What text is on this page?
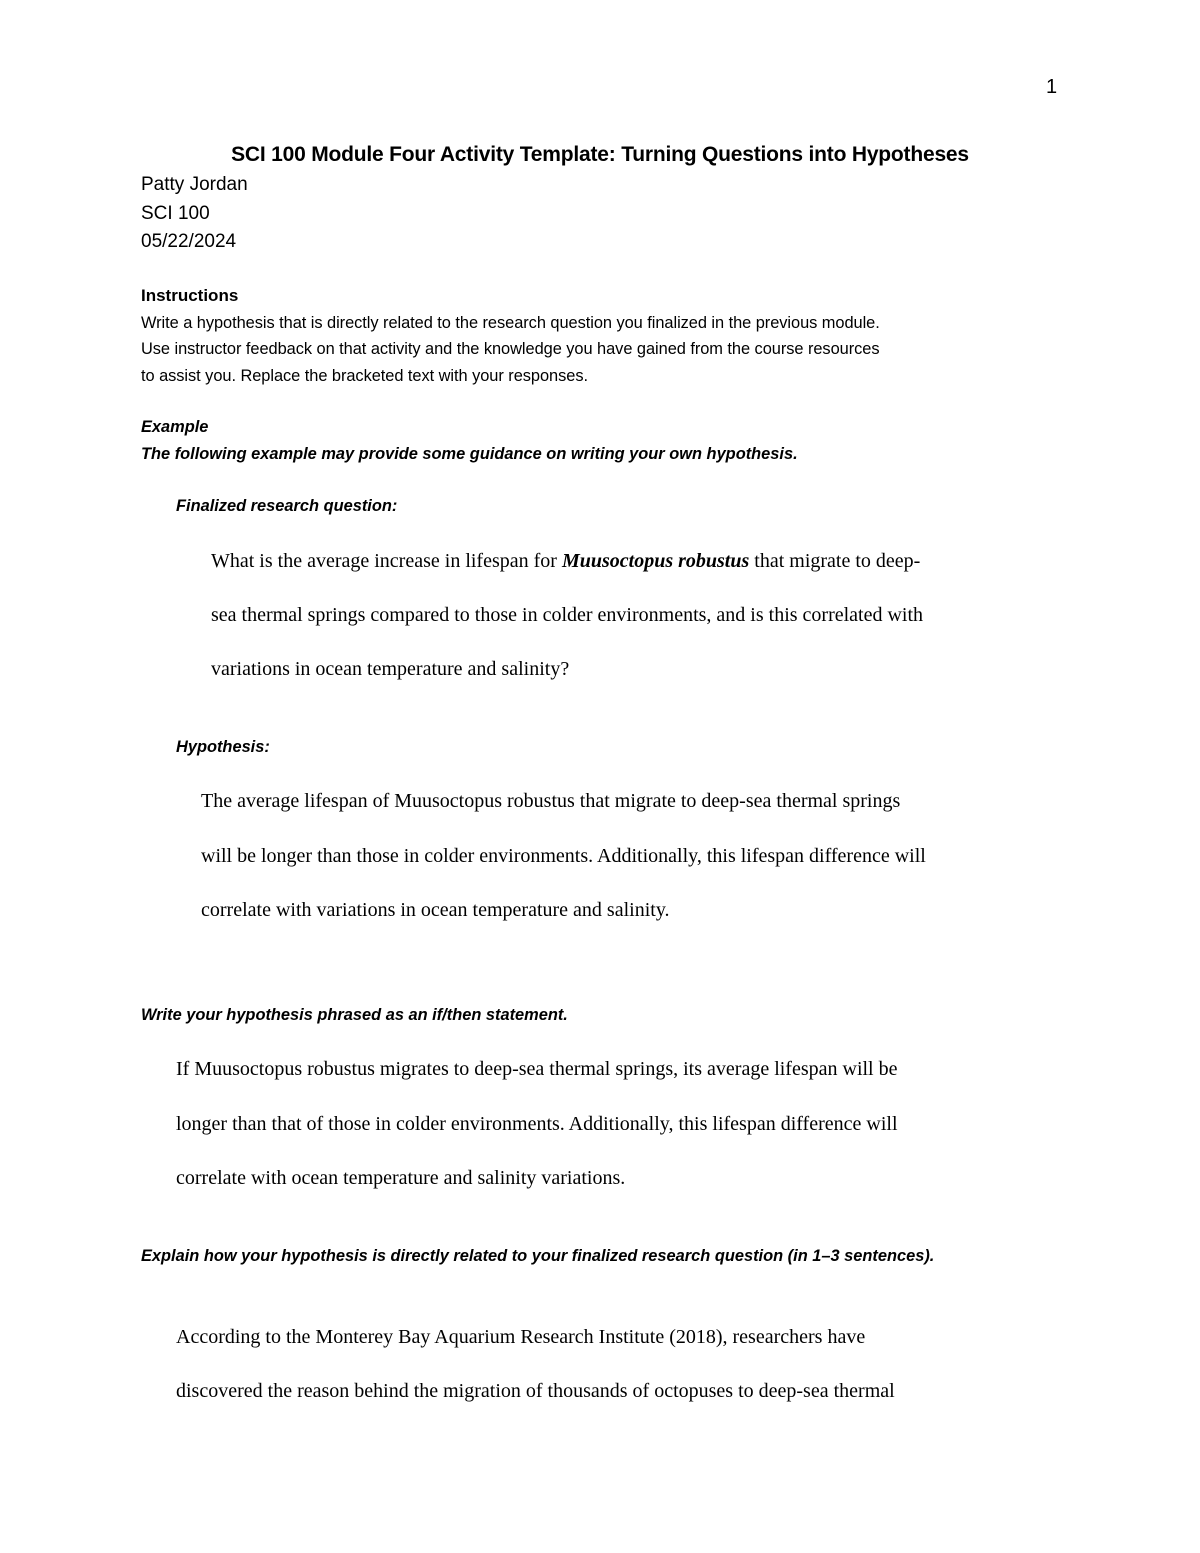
1

SCI 100 Module Four Activity Template: Turning Questions into Hypotheses

Patty Jordan

SCI 100

05/22/2024

Instructions

Write a hypothesis that is directly related to the research question you finalized in the previous module.

Use instructor feedback on that activity and the knowledge you have gained from the course resources

to assist you. Replace the bracketed text with your responses.

Example

The following example may provide some guidance on writing your own hypothesis.

Finalized research question:

What is the average increase in lifespan for Muusoctopus robustus that migrate to deep-

sea thermal springs compared to those in colder environments, and is this correlated with

variations in ocean temperature and salinity?

Hypothesis:

The average lifespan of Muusoctopus robustus that migrate to deep-sea thermal springs

will be longer than those in colder environments. Additionally, this lifespan difference will

correlate with variations in ocean temperature and salinity.

Write your hypothesis phrased as an if/then statement.

If Muusoctopus robustus migrates to deep-sea thermal springs, its average lifespan will be

longer than that of those in colder environments. Additionally, this lifespan difference will

correlate with ocean temperature and salinity variations.

Explain how your hypothesis is directly related to your finalized research question (in 1–3 sentences).

According to the Monterey Bay Aquarium Research Institute (2018), researchers have

discovered the reason behind the migration of thousands of octopuses to deep-sea thermal
